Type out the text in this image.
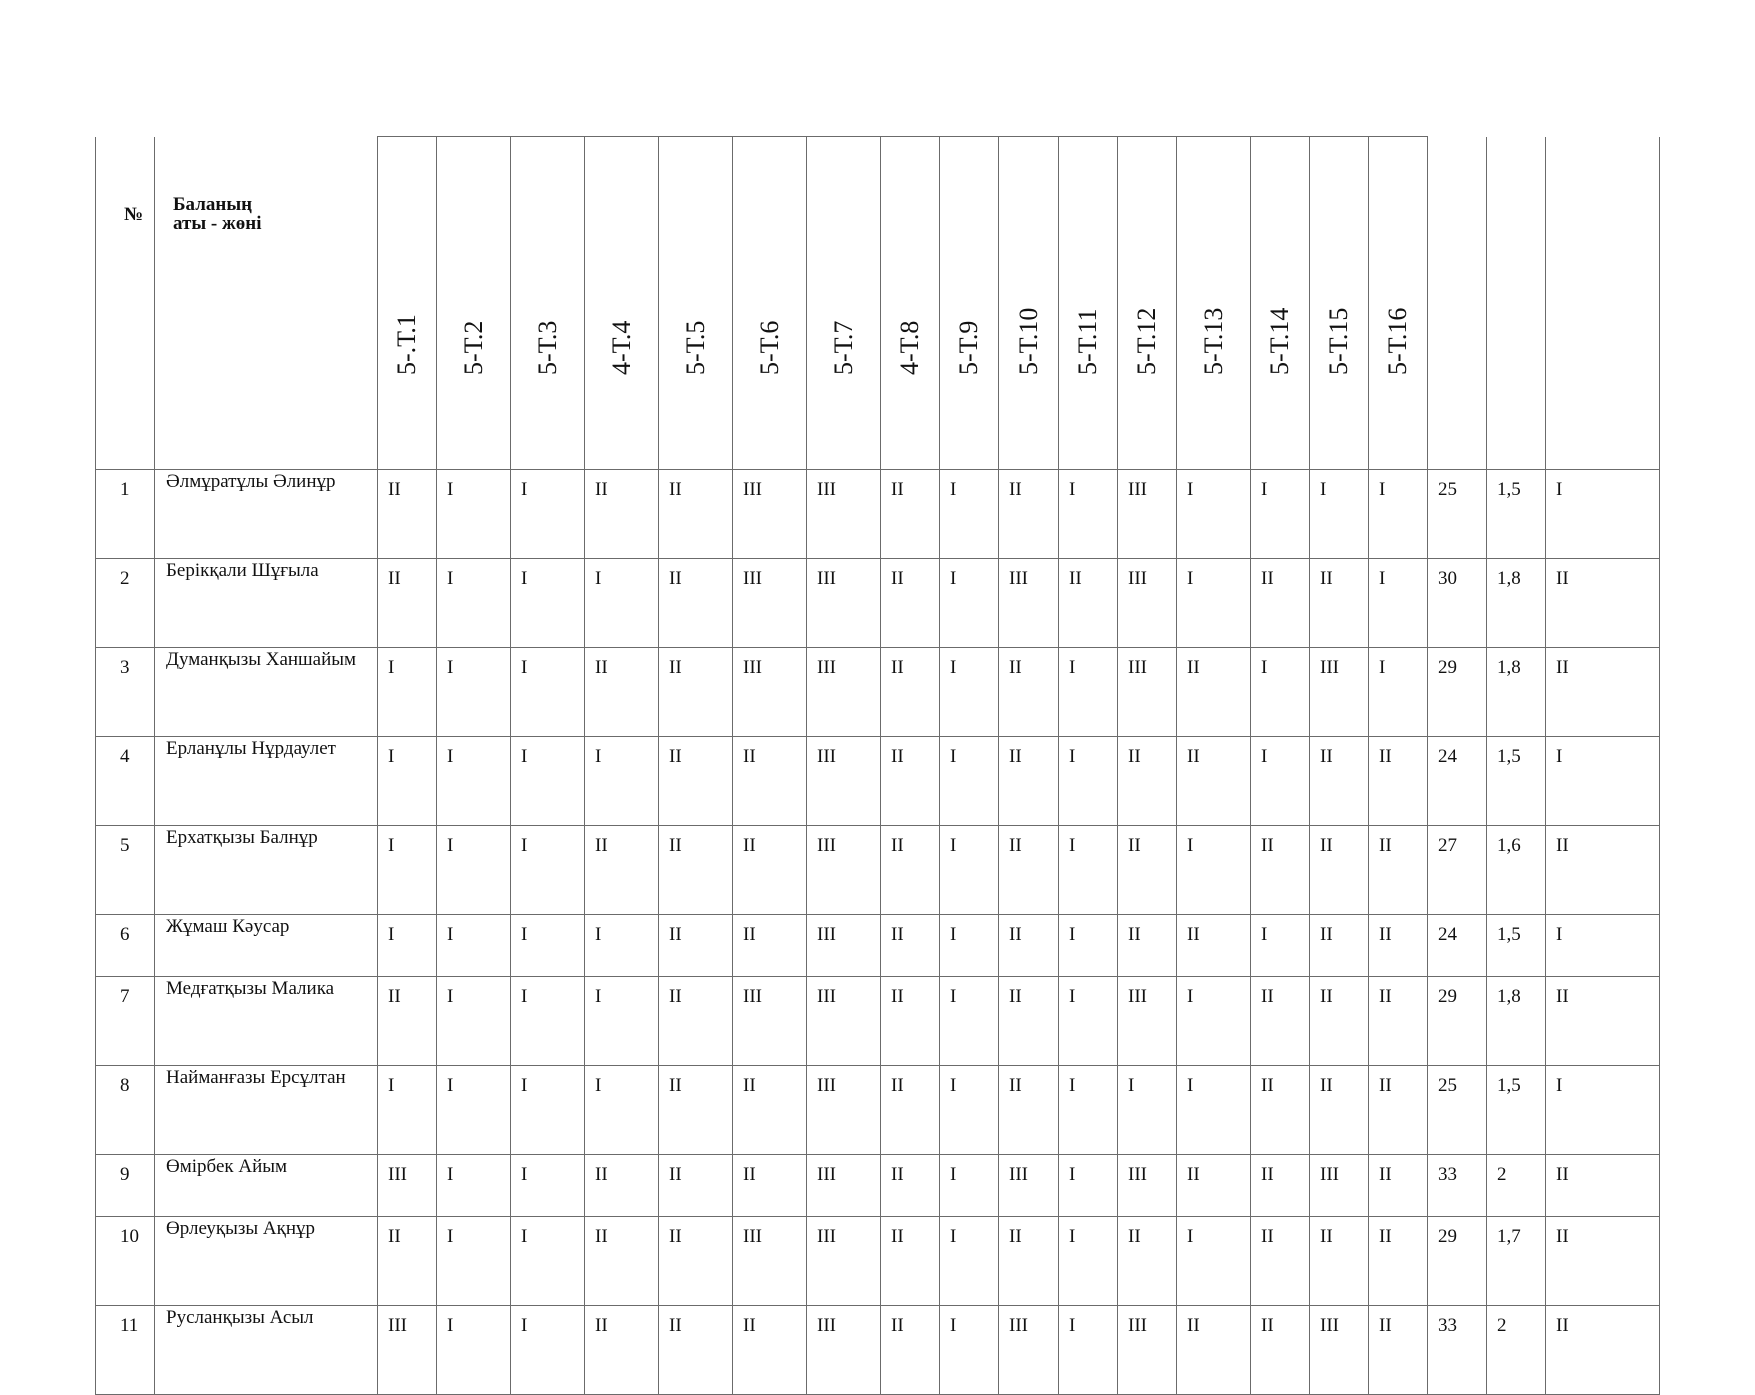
№	Баланың
аты - жөні	5-.Т.1	5-Т.2	5-Т.3	4-Т.4	5-Т.5	5-Т.6	5-Т.7	4-Т.8	5-Т.9	5-Т.10	5-Т.11	5-Т.12	5-Т.13	5-Т.14	5-Т.15	5-Т.16			

1	Әлмұратұлы Әлинұр	II	I	I	II	II	III	III	II	I	II	I	III	I	I	I	I	25	1,5	I
2	Берікқали Шұғыла	II	I	I	I	II	III	III	II	I	III	II	III	I	II	II	I	30	1,8	II
3	Думанқызы Ханшайым	I	I	I	II	II	III	III	II	I	II	I	III	II	I	III	I	29	1,8	II
4	Ерланұлы Нұрдаулет	I	I	I	I	II	II	III	II	I	II	I	II	II	I	II	II	24	1,5	I
5	Ерхатқызы Балнұр	I	I	I	II	II	II	III	II	I	II	I	II	I	II	II	II	27	1,6	II
6	Жұмаш Кәусар	I	I	I	I	II	II	III	II	I	II	I	II	II	I	II	II	24	1,5	I
7	Медғатқызы Малика	II	I	I	I	II	III	III	II	I	II	I	III	I	II	II	II	29	1,8	II
8	Найманғазы Ерсұлтан	I	I	I	I	II	II	III	II	I	II	I	I	I	II	II	II	25	1,5	I
9	Өмірбек Айым	III	I	I	II	II	II	III	II	I	III	I	III	II	II	III	II	33	2	II
10	Өрлеуқызы Ақнұр	II	I	I	II	II	III	III	II	I	II	I	II	I	II	II	II	29	1,7	II
11	Русланқызы Асыл	III	I	I	II	II	II	III	II	I	III	I	III	II	II	III	II	33	2	II
